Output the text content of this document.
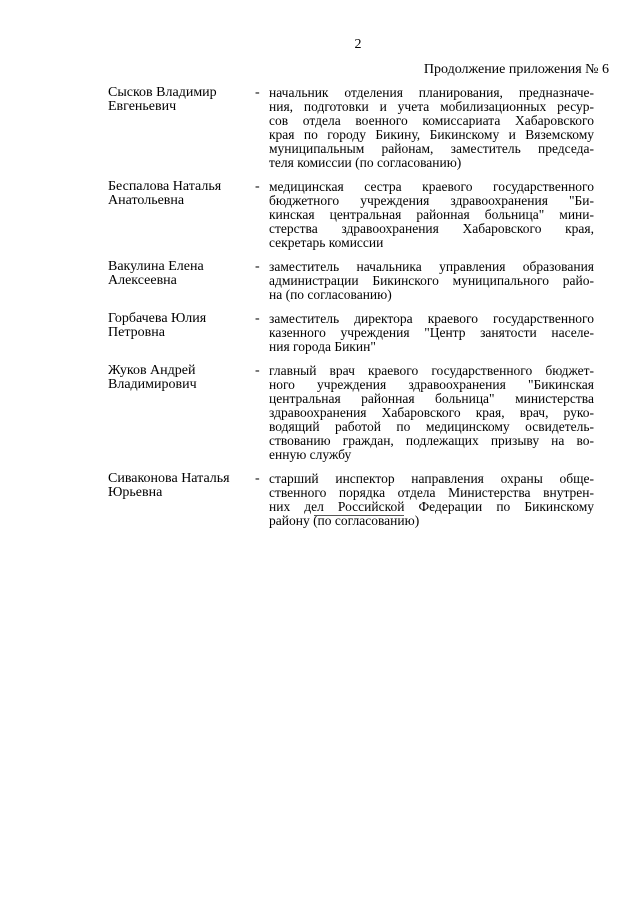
2
Продолжение приложения № 6
Сысков Владимир
Евгеньевич
- начальник отделения планирования, предназначе-
ния, подготовки и учета мобилизационных ресур-
сов отдела военного комиссариата Хабаровского
края по городу Бикину, Бикинскому и Вяземскому
муниципальным районам, заместитель председа-
теля комиссии (по согласованию)
Беспалова Наталья
Анатольевна
- медицинская сестра краевого государственного
бюджетного учреждения здравоохранения "Би-
кинская центральная районная больница" мини-
стерства здравоохранения Хабаровского края,
секретарь комиссии
Вакулина Елена
Алексеевна
- заместитель начальника управления образования
администрации Бикинского муниципального райо-
на (по согласованию)
Горбачева Юлия
Петровна
- заместитель директора краевого государственного
казенного учреждения "Центр занятости населе-
ния города Бикин"
Жуков Андрей
Владимирович
- главный врач краевого государственного бюджет-
ного учреждения здравоохранения "Бикинская
центральная районная больница" министерства
здравоохранения Хабаровского края, врач, руко-
водящий работой по медицинскому освидетель-
ствованию граждан, подлежащих призыву на во-
енную службу
Сиваконова Наталья
Юрьевна
- старший инспектор направления охраны обще-
ственного порядка отдела Министерства внутрен-
них дел Российской Федерации по Бикинскому
району (по согласованию)
